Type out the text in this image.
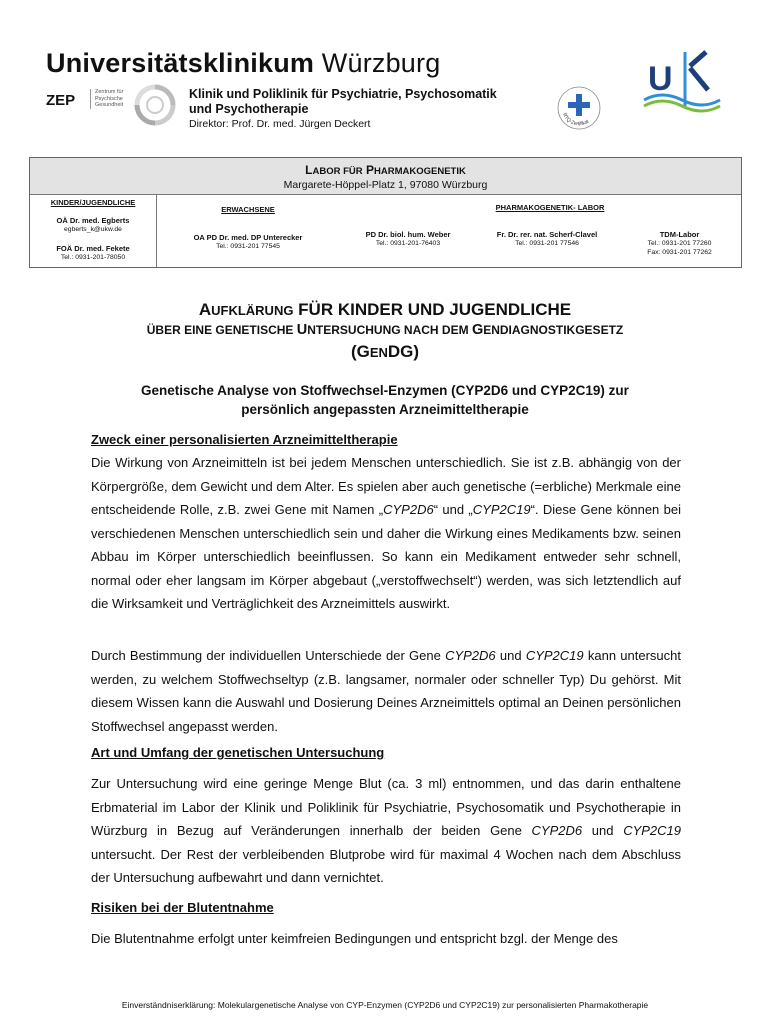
Universitätsklinikum Würzburg
ZEP	Zentrum für
Psychische
Gesundheit
Klinik und Poliklinik für Psychiatrie, Psychosomatik
und Psychotherapie
Direktor: Prof. Dr. med. Jürgen Deckert
RTQ-Zertifikat
U
LABOR FÜR PHARMAKOGENETIK
Margarete-Höppel-Platz 1, 97080 Würzburg
KINDER/JUGENDLICHE
OÄ Dr. med. Egberts
egberts_k@ukw.de
FOÄ Dr. med. Fekete
Tel.: 0931-201-78050
ERWACHSENE
OA PD Dr. med. DP Unterecker
Tel.: 0931-201 77545
PHARMAKOGENETIK- LABOR
PD Dr. biol. hum. Weber
Tel.: 0931-201-76403
Fr. Dr. rer. nat. Scherf-Clavel
Tel.: 0931-201 77546
TDM-Labor
Tel.: 0931-201 77260
Fax: 0931-201 77262
AUFKLÄRUNG FÜR KINDER UND JUGENDLICHE
ÜBER EINE GENETISCHE UNTERSUCHUNG NACH DEM GENDIAGNOSTIKGESETZ
(GENDG)
Genetische Analyse von Stoffwechsel-Enzymen (CYP2D6 und CYP2C19) zur
persönlich angepassten Arzneimitteltherapie
Zweck einer personalisierten Arzneimitteltherapie
Die Wirkung von Arzneimitteln ist bei jedem Menschen unterschiedlich. Sie ist z.B. abhängig von der Körpergröße, dem Gewicht und dem Alter. Es spielen aber auch genetische (=erbliche) Merkmale eine entscheidende Rolle, z.B. zwei Gene mit Namen „CYP2D6“ und „CYP2C19“. Diese Gene können bei verschiedenen Menschen unterschiedlich sein und daher die Wirkung eines Medikaments bzw. seinen Abbau im Körper unterschiedlich beeinflussen. So kann ein Medikament entweder sehr schnell, normal oder eher langsam im Körper abgebaut („verstoffwechselt“) werden, was sich letztendlich auf die Wirksamkeit und Verträglichkeit des Arzneimittels auswirkt.
Durch Bestimmung der individuellen Unterschiede der Gene CYP2D6 und CYP2C19 kann untersucht werden, zu welchem Stoffwechseltyp (z.B. langsamer, normaler oder schneller Typ) Du gehörst. Mit diesem Wissen kann die Auswahl und Dosierung Deines Arzneimittels optimal an Deinen persönlichen Stoffwechsel angepasst werden.
Art und Umfang der genetischen Untersuchung
Zur Untersuchung wird eine geringe Menge Blut (ca. 3 ml) entnommen, und das darin enthaltene Erbmaterial im Labor der Klinik und Poliklinik für Psychiatrie, Psychosomatik und Psychotherapie in Würzburg in Bezug auf Veränderungen innerhalb der beiden Gene CYP2D6 und CYP2C19 untersucht. Der Rest der verbleibenden Blutprobe wird für maximal 4 Wochen nach dem Abschluss der Untersuchung aufbewahrt und dann vernichtet.
Risiken bei der Blutentnahme
Die Blutentnahme erfolgt unter keimfreien Bedingungen und entspricht bzgl. der Menge des
Einverständniserklärung: Molekulargenetische Analyse von CYP-Enzymen (CYP2D6 und CYP2C19) zur personalisierten Pharmakotherapie
